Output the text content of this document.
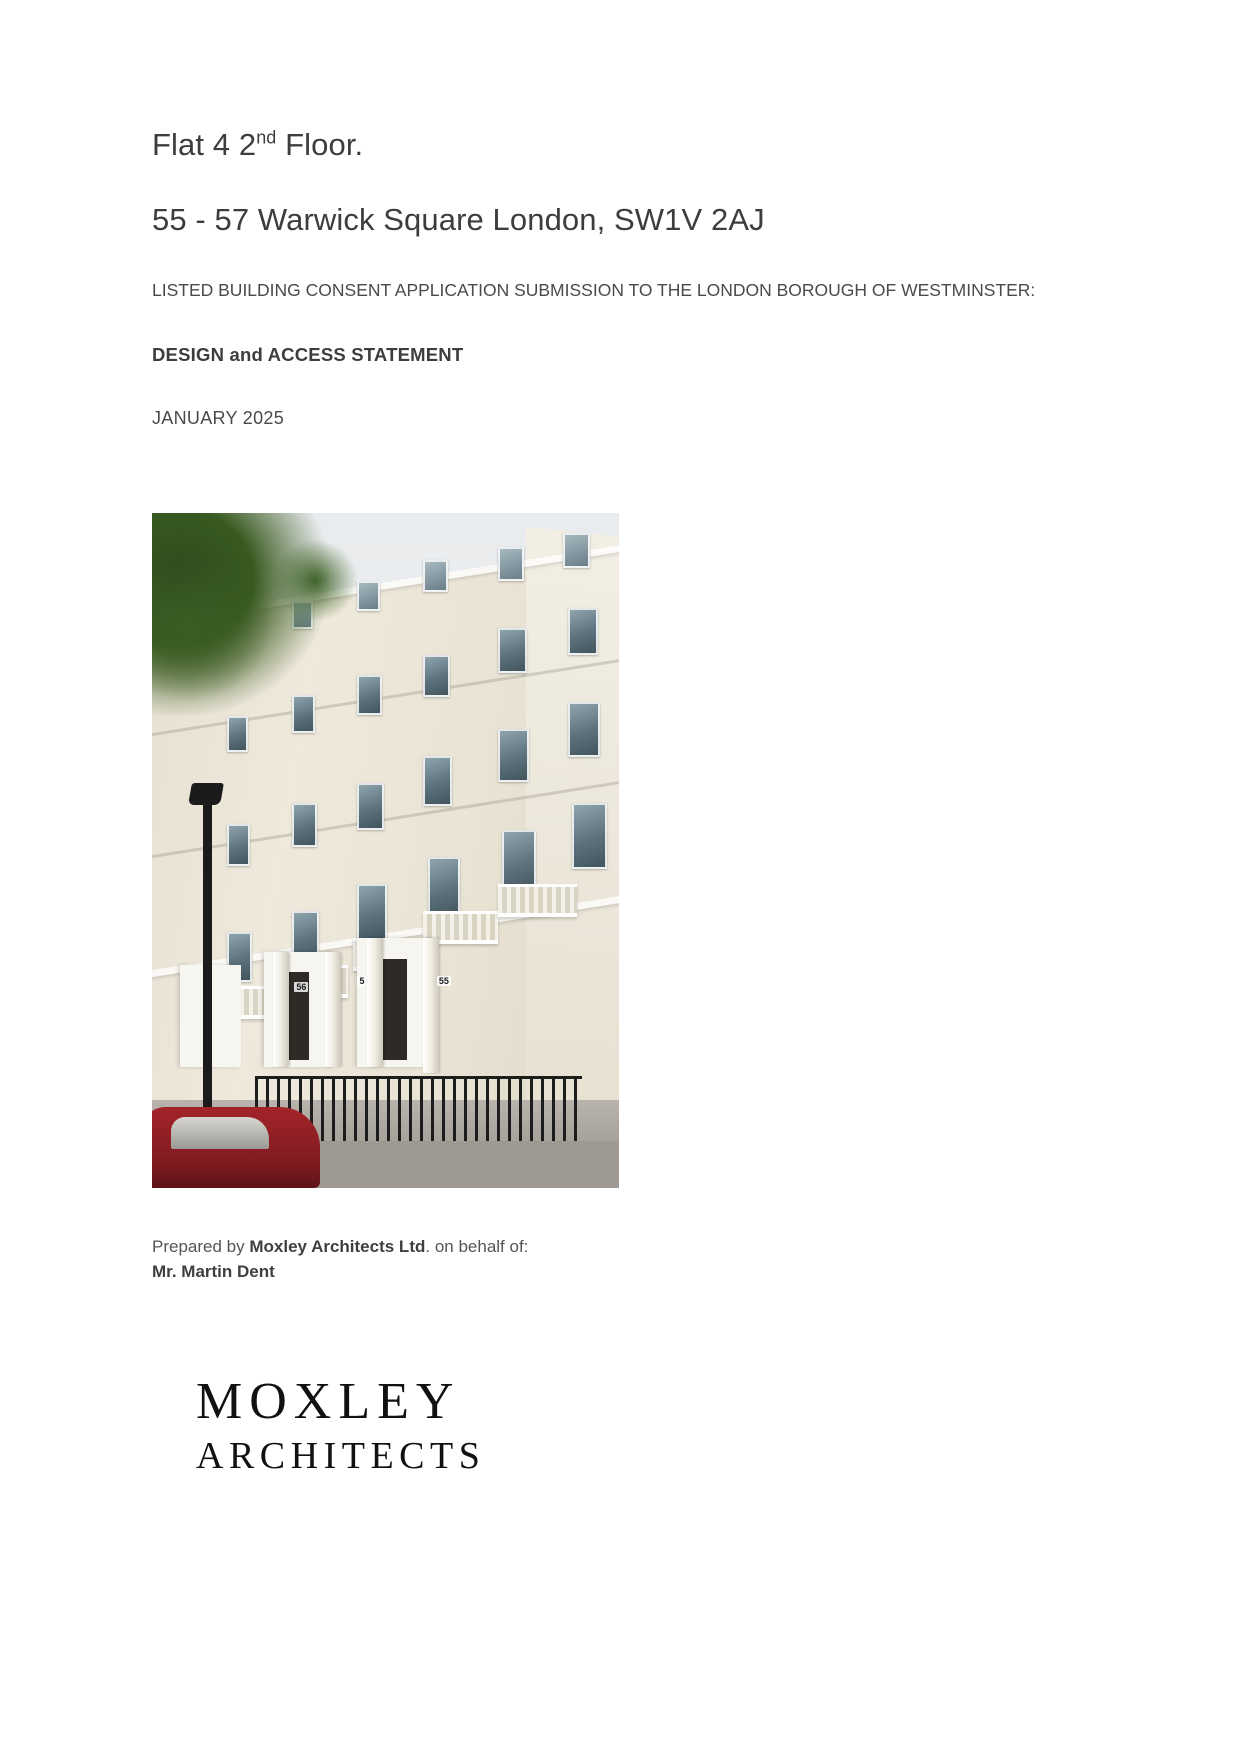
Flat 4 2nd Floor.
55 - 57 Warwick Square London, SW1V 2AJ

LISTED BUILDING CONSENT APPLICATION SUBMISSION TO THE LONDON BOROUGH OF WESTMINSTER:

DESIGN and ACCESS STATEMENT

JANUARY 2025

56
5	55
Prepared by Moxley Architects Ltd. on behalf of:
Mr. Martin Dent
MOXLEY
ARCHITECTS
